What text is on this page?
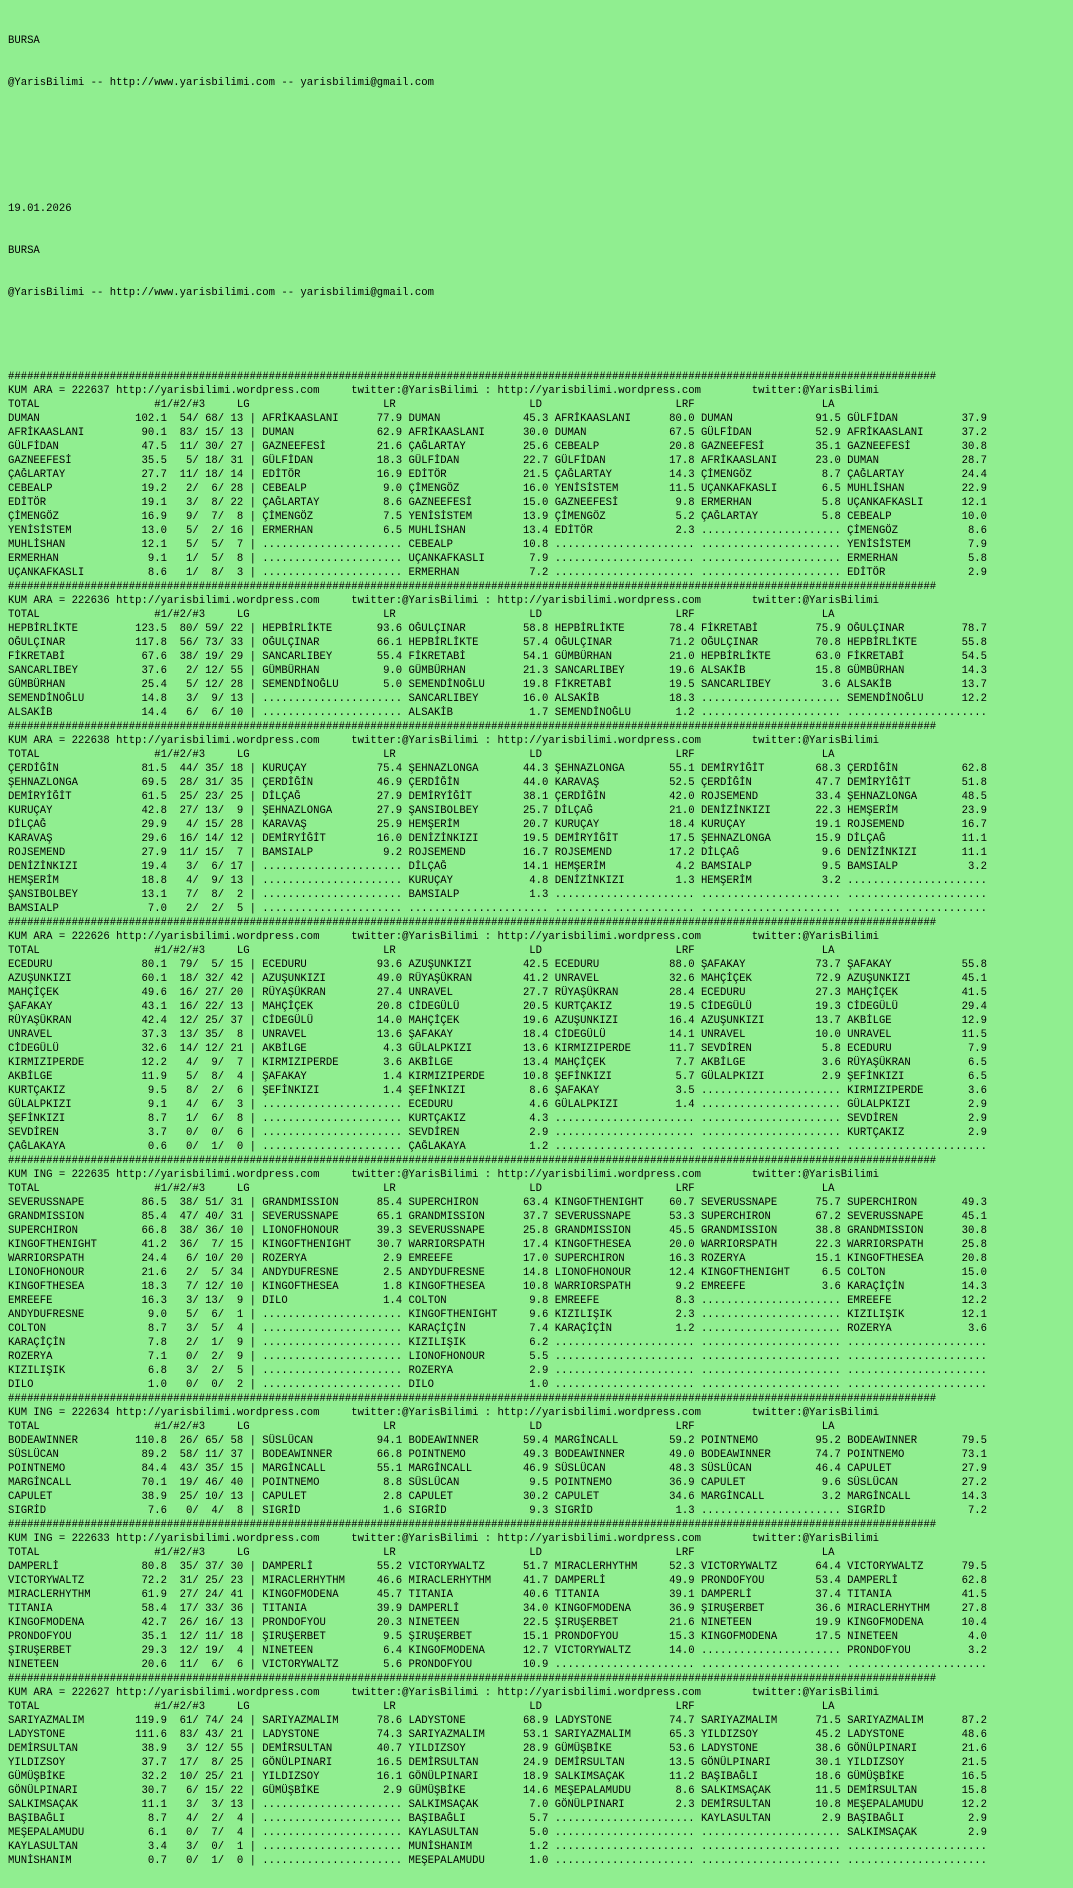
BURSA

@YarisBilimi -- http://www.yarisbilimi.com -- yarisbilimi@gmail.com

19.01.2026

BURSA

@YarisBilimi -- http://www.yarisbilimi.com -- yarisbilimi@gmail.com

##################################################################################################################################################
KUM ARA = 222637 http://yarisbilimi.wordpress.com     twitter:@YarisBilimi : http://yarisbilimi.wordpress.com        twitter:@YarisBilimi
TOTAL                  #1/#2/#3     LG                     LR                     LD                     LRF                    LA
DUMAN               102.1  54/ 68/ 13 | AFRİKAASLANI      77.9 DUMAN             45.3 AFRİKAASLANI      80.0 DUMAN             91.5 GÜLFİDAN          37.9
AFRİKAASLANI         90.1  83/ 15/ 13 | DUMAN             62.9 AFRİKAASLANI      30.0 DUMAN             67.5 GÜLFİDAN          52.9 AFRİKAASLANI      37.2
GÜLFİDAN             47.5  11/ 30/ 27 | GAZNEEFESİ        21.6 ÇAĞLARTAY         25.6 CEBEALP           20.8 GAZNEEFESİ        35.1 GAZNEEFESİ        30.8
GAZNEEFESİ           35.5   5/ 18/ 31 | GÜLFİDAN          18.3 GÜLFİDAN          22.7 GÜLFİDAN          17.8 AFRİKAASLANI      23.0 DUMAN             28.7
ÇAĞLARTAY            27.7  11/ 18/ 14 | EDİTÖR            16.9 EDİTÖR            21.5 ÇAĞLARTAY         14.3 ÇİMENGÖZ           8.7 ÇAĞLARTAY         24.4
CEBEALP              19.2   2/  6/ 28 | CEBEALP            9.0 ÇİMENGÖZ          16.0 YENİSİSTEM        11.5 UÇANKAFKASLI       6.5 MUHLİSHAN         22.9
EDİTÖR               19.1   3/  8/ 22 | ÇAĞLARTAY          8.6 GAZNEEFESİ        15.0 GAZNEEFESİ         9.8 ERMERHAN           5.8 UÇANKAFKASLI      12.1
ÇİMENGÖZ             16.9   9/  7/  8 | ÇİMENGÖZ           7.5 YENİSİSTEM        13.9 ÇİMENGÖZ           5.2 ÇAĞLARTAY          5.8 CEBEALP           10.0
YENİSİSTEM           13.0   5/  2/ 16 | ERMERHAN           6.5 MUHLİSHAN         13.4 EDİTÖR             2.3 ...................... ÇİMENGÖZ           8.6
MUHLİSHAN            12.1   5/  5/  7 | ...................... CEBEALP           10.8 ...................... ...................... YENİSİSTEM         7.9
ERMERHAN              9.1   1/  5/  8 | ...................... UÇANKAFKASLI       7.9 ...................... ...................... ERMERHAN           5.8
UÇANKAFKASLI          8.6   1/  8/  3 | ...................... ERMERHAN           7.2 ...................... ...................... EDİTÖR             2.9
##################################################################################################################################################
KUM ARA = 222636 http://yarisbilimi.wordpress.com     twitter:@YarisBilimi : http://yarisbilimi.wordpress.com        twitter:@YarisBilimi
TOTAL                  #1/#2/#3     LG                     LR                     LD                     LRF                    LA
HEPBİRLİKTE         123.5  80/ 59/ 22 | HEPBİRLİKTE       93.6 OĞULÇINAR         58.8 HEPBİRLİKTE       78.4 FİKRETABİ         75.9 OĞULÇINAR         78.7
OĞULÇINAR           117.8  56/ 73/ 33 | OĞULÇINAR         66.1 HEPBİRLİKTE       57.4 OĞULÇINAR         71.2 OĞULÇINAR         70.8 HEPBİRLİKTE       55.8
FİKRETABİ            67.6  38/ 19/ 29 | SANCARLIBEY       55.4 FİKRETABİ         54.1 GÜMBÜRHAN         21.0 HEPBİRLİKTE       63.0 FİKRETABİ         54.5
SANCARLIBEY          37.6   2/ 12/ 55 | GÜMBÜRHAN          9.0 GÜMBÜRHAN         21.3 SANCARLIBEY       19.6 ALSAKİB           15.8 GÜMBÜRHAN         14.3
GÜMBÜRHAN            25.4   5/ 12/ 28 | SEMENDİNOĞLU       5.0 SEMENDİNOĞLU      19.8 FİKRETABİ         19.5 SANCARLIBEY        3.6 ALSAKİB           13.7
SEMENDİNOĞLU         14.8   3/  9/ 13 | ...................... SANCARLIBEY       16.0 ALSAKİB           18.3 ...................... SEMENDİNOĞLU      12.2
ALSAKİB              14.4   6/  6/ 10 | ...................... ALSAKİB            1.7 SEMENDİNOĞLU       1.2 ...................... ......................
##################################################################################################################################################
KUM ARA = 222638 http://yarisbilimi.wordpress.com     twitter:@YarisBilimi : http://yarisbilimi.wordpress.com        twitter:@YarisBilimi
TOTAL                  #1/#2/#3     LG                     LR                     LD                     LRF                    LA
ÇERDİĞİN             81.5  44/ 35/ 18 | KURUÇAY           75.4 ŞEHNAZLONGA       44.3 ŞEHNAZLONGA       55.1 DEMİRYİĞİT        68.3 ÇERDİĞİN          62.8
ŞEHNAZLONGA          69.5  28/ 31/ 35 | ÇERDİĞİN          46.9 ÇERDİĞİN          44.0 KARAVAŞ           52.5 ÇERDİĞİN          47.7 DEMİRYİĞİT        51.8
DEMİRYİĞİT           61.5  25/ 23/ 25 | DİLÇAĞ            27.9 DEMİRYİĞİT        38.1 ÇERDİĞİN          42.0 ROJSEMEND         33.4 ŞEHNAZLONGA       48.5
KURUÇAY              42.8  27/ 13/  9 | ŞEHNAZLONGA       27.9 ŞANSIBOLBEY       25.7 DİLÇAĞ            21.0 DENİZİNKIZI       22.3 HEMŞERİM          23.9
DİLÇAĞ               29.9   4/ 15/ 28 | KARAVAŞ           25.9 HEMŞERİM          20.7 KURUÇAY           18.4 KURUÇAY           19.1 ROJSEMEND         16.7
KARAVAŞ              29.6  16/ 14/ 12 | DEMİRYİĞİT        16.0 DENİZİNKIZI       19.5 DEMİRYİĞİT        17.5 ŞEHNAZLONGA       15.9 DİLÇAĞ            11.1
ROJSEMEND            27.9  11/ 15/  7 | BAMSIALP           9.2 ROJSEMEND         16.7 ROJSEMEND         17.2 DİLÇAĞ             9.6 DENİZİNKIZI       11.1
DENİZİNKIZI          19.4   3/  6/ 17 | ...................... DİLÇAĞ            14.1 HEMŞERİM           4.2 BAMSIALP           9.5 BAMSIALP           3.2
HEMŞERİM             18.8   4/  9/ 13 | ...................... KURUÇAY            4.8 DENİZİNKIZI        1.3 HEMŞERİM           3.2 ......................
ŞANSIBOLBEY          13.1   7/  8/  2 | ...................... BAMSIALP           1.3 ...................... ...................... ......................
BAMSIALP              7.0   2/  2/  5 | ...................... ...................... ...................... ...................... ......................
##################################################################################################################################################
KUM ARA = 222626 http://yarisbilimi.wordpress.com     twitter:@YarisBilimi : http://yarisbilimi.wordpress.com        twitter:@YarisBilimi
TOTAL                  #1/#2/#3     LG                     LR                     LD                     LRF                    LA
ECEDURU              80.1  79/  5/ 15 | ECEDURU           93.6 AZUŞUNKIZI        42.5 ECEDURU           88.0 ŞAFAKAY           73.7 ŞAFAKAY           55.8
AZUŞUNKIZI           60.1  18/ 32/ 42 | AZUŞUNKIZI        49.0 RÜYAŞÜKRAN        41.2 UNRAVEL           32.6 MAHÇİÇEK          72.9 AZUŞUNKIZI        45.1
MAHÇİÇEK             49.6  16/ 27/ 20 | RÜYAŞÜKRAN        27.4 UNRAVEL           27.7 RÜYAŞÜKRAN        28.4 ECEDURU           27.3 MAHÇİÇEK          41.5
ŞAFAKAY              43.1  16/ 22/ 13 | MAHÇİÇEK          20.8 CİDEGÜLÜ          20.5 KURTÇAKIZ         19.5 CİDEGÜLÜ          19.3 CİDEGÜLÜ          29.4
RÜYAŞÜKRAN           42.4  12/ 25/ 37 | CİDEGÜLÜ          14.0 MAHÇİÇEK          19.6 AZUŞUNKIZI        16.4 AZUŞUNKIZI        13.7 AKBİLGE           12.9
UNRAVEL              37.3  13/ 35/  8 | UNRAVEL           13.6 ŞAFAKAY           18.4 CİDEGÜLÜ          14.1 UNRAVEL           10.0 UNRAVEL           11.5
CİDEGÜLÜ             32.6  14/ 12/ 21 | AKBİLGE            4.3 GÜLALPKIZI        13.6 KIRMIZIPERDE      11.7 SEVDİREN           5.8 ECEDURU            7.9
KIRMIZIPERDE         12.2   4/  9/  7 | KIRMIZIPERDE       3.6 AKBİLGE           13.4 MAHÇİÇEK           7.7 AKBİLGE            3.6 RÜYAŞÜKRAN         6.5
AKBİLGE              11.9   5/  8/  4 | ŞAFAKAY            1.4 KIRMIZIPERDE      10.8 ŞEFİNKIZI          5.7 GÜLALPKIZI         2.9 ŞEFİNKIZI          6.5
KURTÇAKIZ             9.5   8/  2/  6 | ŞEFİNKIZI          1.4 ŞEFİNKIZI          8.6 ŞAFAKAY            3.5 ...................... KIRMIZIPERDE       3.6
GÜLALPKIZI            9.1   4/  6/  3 | ...................... ECEDURU            4.6 GÜLALPKIZI         1.4 ...................... GÜLALPKIZI         2.9
ŞEFİNKIZI             8.7   1/  6/  8 | ...................... KURTÇAKIZ          4.3 ...................... ...................... SEVDİREN           2.9
SEVDİREN              3.7   0/  0/  6 | ...................... SEVDİREN           2.9 ...................... ...................... KURTÇAKIZ          2.9
ÇAĞLAKAYA             0.6   0/  1/  0 | ...................... ÇAĞLAKAYA          1.2 ...................... ...................... ......................
##################################################################################################################################################
KUM ING = 222635 http://yarisbilimi.wordpress.com     twitter:@YarisBilimi : http://yarisbilimi.wordpress.com        twitter:@YarisBilimi
TOTAL                  #1/#2/#3     LG                     LR                     LD                     LRF                    LA
SEVERUSSNAPE         86.5  38/ 51/ 31 | GRANDMISSION      85.4 SUPERCHIRON       63.4 KINGOFTHENIGHT    60.7 SEVERUSSNAPE      75.7 SUPERCHIRON       49.3
GRANDMISSION         85.4  47/ 40/ 31 | SEVERUSSNAPE      65.1 GRANDMISSION      37.7 SEVERUSSNAPE      53.3 SUPERCHIRON       67.2 SEVERUSSNAPE      45.1
SUPERCHIRON          66.8  38/ 36/ 10 | LIONOFHONOUR      39.3 SEVERUSSNAPE      25.8 GRANDMISSION      45.5 GRANDMISSION      38.8 GRANDMISSION      30.8
KINGOFTHENIGHT       41.2  36/  7/ 15 | KINGOFTHENIGHT    30.7 WARRIORSPATH      17.4 KINGOFTHESEA      20.0 WARRIORSPATH      22.3 WARRIORSPATH      25.8
WARRIORSPATH         24.4   6/ 10/ 20 | ROZERYA            2.9 EMREEFE           17.0 SUPERCHIRON       16.3 ROZERYA           15.1 KINGOFTHESEA      20.8
LIONOFHONOUR         21.6   2/  5/ 34 | ANDYDUFRESNE       2.5 ANDYDUFRESNE      14.8 LIONOFHONOUR      12.4 KINGOFTHENIGHT     6.5 COLTON            15.0
KINGOFTHESEA         18.3   7/ 12/ 10 | KINGOFTHESEA       1.8 KINGOFTHESEA      10.8 WARRIORSPATH       9.2 EMREEFE            3.6 KARAÇİÇİN         14.3
EMREEFE              16.3   3/ 13/  9 | DILO               1.4 COLTON             9.8 EMREEFE            8.3 ...................... EMREEFE           12.2
ANDYDUFRESNE          9.0   5/  6/  1 | ...................... KINGOFTHENIGHT     9.6 KIZILIŞIK          2.3 ...................... KIZILIŞIK         12.1
COLTON                8.7   3/  5/  4 | ...................... KARAÇİÇİN          7.4 KARAÇİÇİN          1.2 ...................... ROZERYA            3.6
KARAÇİÇİN             7.8   2/  1/  9 | ...................... KIZILIŞIK          6.2 ...................... ...................... ......................
ROZERYA               7.1   0/  2/  9 | ...................... LIONOFHONOUR       5.5 ...................... ...................... ......................
KIZILIŞIK             6.8   3/  2/  5 | ...................... ROZERYA            2.9 ...................... ...................... ......................
DILO                  1.0   0/  0/  2 | ...................... DILO               1.0 ...................... ...................... ......................
##################################################################################################################################################
KUM ING = 222634 http://yarisbilimi.wordpress.com     twitter:@YarisBilimi : http://yarisbilimi.wordpress.com        twitter:@YarisBilimi
TOTAL                  #1/#2/#3     LG                     LR                     LD                     LRF                    LA
BODEAWINNER         110.8  26/ 65/ 58 | SÜSLÜCAN          94.1 BODEAWINNER       59.4 MARGİNCALL        59.2 POINTNEMO         95.2 BODEAWINNER       79.5
SÜSLÜCAN             89.2  58/ 11/ 37 | BODEAWINNER       66.8 POINTNEMO         49.3 BODEAWINNER       49.0 BODEAWINNER       74.7 POINTNEMO         73.1
POINTNEMO            84.4  43/ 35/ 15 | MARGİNCALL        55.1 MARGİNCALL        46.9 SÜSLÜCAN          48.3 SÜSLÜCAN          46.4 CAPULET           27.9
MARGİNCALL           70.1  19/ 46/ 40 | POINTNEMO          8.8 SÜSLÜCAN           9.5 POINTNEMO         36.9 CAPULET            9.6 SÜSLÜCAN          27.2
CAPULET              38.9  25/ 10/ 13 | CAPULET            2.8 CAPULET           30.2 CAPULET           34.6 MARGİNCALL         3.2 MARGİNCALL        14.3
SIGRİD                7.6   0/  4/  8 | SIGRİD             1.6 SIGRİD             9.3 SIGRİD             1.3 ...................... SIGRİD             7.2
##################################################################################################################################################
KUM ING = 222633 http://yarisbilimi.wordpress.com     twitter:@YarisBilimi : http://yarisbilimi.wordpress.com        twitter:@YarisBilimi
TOTAL                  #1/#2/#3     LG                     LR                     LD                     LRF                    LA
DAMPERLİ             80.8  35/ 37/ 30 | DAMPERLİ          55.2 VICTORYWALTZ      51.7 MIRACLERHYTHM     52.3 VICTORYWALTZ      64.4 VICTORYWALTZ      79.5
VICTORYWALTZ         72.2  31/ 25/ 23 | MIRACLERHYTHM     46.6 MIRACLERHYTHM     41.7 DAMPERLİ          49.9 PRONDOFYOU        53.4 DAMPERLİ          62.8
MIRACLERHYTHM        61.9  27/ 24/ 41 | KINGOFMODENA      45.7 TITANIA           40.6 TITANIA           39.1 DAMPERLİ          37.4 TITANIA           41.5
TITANIA              58.4  17/ 33/ 36 | TITANIA           39.9 DAMPERLİ          34.0 KINGOFMODENA      36.9 ŞIRUŞERBET        36.6 MIRACLERHYTHM     27.8
KINGOFMODENA         42.7  26/ 16/ 13 | PRONDOFYOU        20.3 NINETEEN          22.5 ŞIRUŞERBET        21.6 NINETEEN          19.9 KINGOFMODENA      10.4
PRONDOFYOU           35.1  12/ 11/ 18 | ŞIRUŞERBET         9.5 ŞIRUŞERBET        15.1 PRONDOFYOU        15.3 KINGOFMODENA      17.5 NINETEEN           4.0
ŞIRUŞERBET           29.3  12/ 19/  4 | NINETEEN           6.4 KINGOFMODENA      12.7 VICTORYWALTZ      14.0 ...................... PRONDOFYOU         3.2
NINETEEN             20.6  11/  6/  6 | VICTORYWALTZ       5.6 PRONDOFYOU        10.9 ...................... ...................... ......................
##################################################################################################################################################
KUM ARA = 222627 http://yarisbilimi.wordpress.com     twitter:@YarisBilimi : http://yarisbilimi.wordpress.com        twitter:@YarisBilimi
TOTAL                  #1/#2/#3     LG                     LR                     LD                     LRF                    LA
SARIYAZMALIM        119.9  61/ 74/ 24 | SARIYAZMALIM      78.6 LADYSTONE         68.9 LADYSTONE         74.7 SARIYAZMALIM      71.5 SARIYAZMALIM      87.2
LADYSTONE           111.6  83/ 43/ 21 | LADYSTONE         74.3 SARIYAZMALIM      53.1 SARIYAZMALIM      65.3 YILDIZSOY         45.2 LADYSTONE         48.6
DEMİRSULTAN          38.9   3/ 12/ 55 | DEMİRSULTAN       40.7 YILDIZSOY         28.9 GÜMÜŞBİKE         53.6 LADYSTONE         38.6 GÖNÜLPINARI       21.6
YILDIZSOY            37.7  17/  8/ 25 | GÖNÜLPINARI       16.5 DEMİRSULTAN       24.9 DEMİRSULTAN       13.5 GÖNÜLPINARI       30.1 YILDIZSOY         21.5
GÜMÜŞBİKE            32.2  10/ 25/ 21 | YILDIZSOY         16.1 GÖNÜLPINARI       18.9 SALKIMSAÇAK       11.2 BAŞIBAĞLI         18.6 GÜMÜŞBİKE         16.5
GÖNÜLPINARI          30.7   6/ 15/ 22 | GÜMÜŞBİKE          2.9 GÜMÜŞBİKE         14.6 MEŞEPALAMUDU       8.6 SALKIMSAÇAK       11.5 DEMİRSULTAN       15.8
SALKIMSAÇAK          11.1   3/  3/ 13 | ...................... SALKIMSAÇAK        7.0 GÖNÜLPINARI        2.3 DEMİRSULTAN       10.8 MEŞEPALAMUDU      12.2
BAŞIBAĞLI             8.7   4/  2/  4 | ...................... BAŞIBAĞLI          5.7 ...................... KAYLASULTAN        2.9 BAŞIBAĞLI          2.9
MEŞEPALAMUDU          6.1   0/  7/  4 | ...................... KAYLASULTAN        5.0 ...................... ...................... SALKIMSAÇAK        2.9
KAYLASULTAN           3.4   3/  0/  1 | ...................... MUNİSHANIM         1.2 ...................... ...................... ......................
MUNİSHANIM            0.7   0/  1/  0 | ...................... MEŞEPALAMUDU       1.0 ...................... ...................... ......................
